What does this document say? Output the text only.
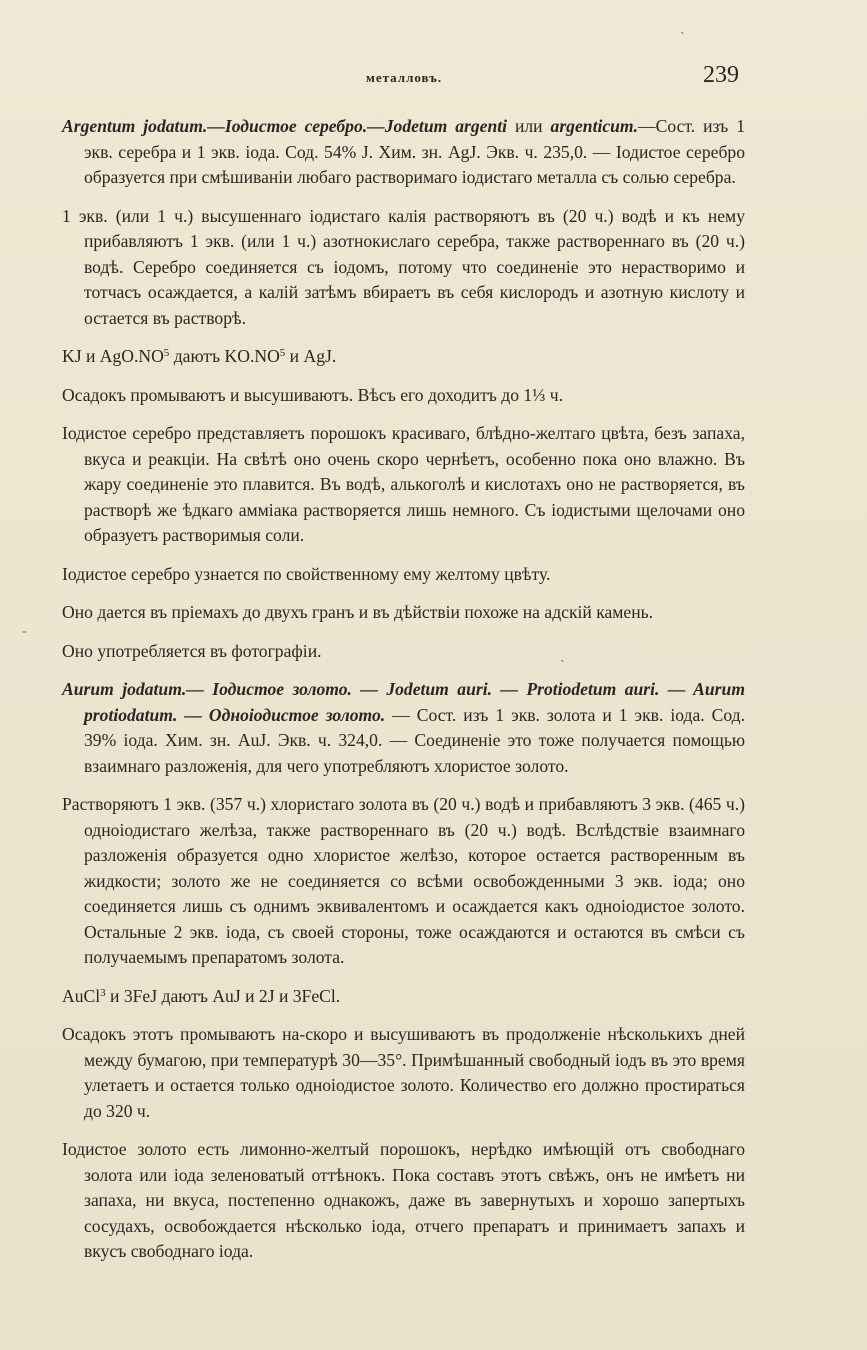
металловъ.	239

Argentum jodatum.—Іодистое серебро.—Jodetum argenti или argenticum.—Сост. изъ 1 экв. серебра и 1 экв. іода. Сод. 54% J. Хим. зн. AgJ. Экв. ч. 235,0. — Іодистое серебро образуется при смѣшиваніи любаго растворимаго іодистаго металла съ солью серебра.

1 экв. (или 1 ч.) высушеннаго іодистаго калія растворяютъ въ (20 ч.) водѣ и къ нему прибавляютъ 1 экв. (или 1 ч.) азотнокислаго серебра, также раствореннаго въ (20 ч.) водѣ. Серебро соединяется съ іодомъ, потому что соединеніе это нерастворимо и тотчасъ осаждается, а калій затѣмъ вбираетъ въ себя кислородъ и азотную кислоту и остается въ растворѣ.

KJ и $AgO.NO^5$ даютъ $KO.NO^5$ и AgJ.

Осадокъ промываютъ и высушиваютъ. Вѣсъ его доходитъ до 1⅓ ч.

Іодистое серебро представляетъ порошокъ красиваго, блѣдно-желтаго цвѣта, безъ запаха, вкуса и реакціи. На свѣтѣ оно очень скоро чернѣетъ, особенно пока оно влажно. Въ жару соединеніе это плавится. Въ водѣ, алькоголѣ и кислотахъ оно не растворяется, въ растворѣ же ѣдкаго амміака растворяется лишь немного. Съ іодистыми щелочами оно образуетъ растворимыя соли.

Іодистое серебро узнается по свойственному ему желтому цвѣту.

Оно дается въ пріемахъ до двухъ гранъ и въ дѣйствіи похоже на адскій камень.

Оно употребляется въ фотографіи.

Aurum jodatum.— Іодистое золото. — Jodetum auri. — Protiodetum auri. — Aurum protiodatum. — Одноіодистое золото. — Сост. изъ 1 экв. золота и 1 экв. іода. Сод. 39% іода. Хим. зн. AuJ. Экв. ч. 324,0. — Соединеніе это тоже получается помощью взаимнаго разложенія, для чего употребляютъ хлористое золото.

Растворяютъ 1 экв. (357 ч.) хлористаго золота въ (20 ч.) водѣ и прибавляютъ 3 экв. (465 ч.) одноіодистаго желѣза, также раствореннаго въ (20 ч.) водѣ. Вслѣдствіе взаимнаго разложенія образуется одно хлористое желѣзо, которое остается растворенным въ жидкости; золото же не соединяется со всѣми освобожденными 3 экв. іода; оно соединяется лишь съ однимъ эквивалентомъ и осаждается какъ одноіодистое золото. Остальные 2 экв. іода, съ своей стороны, тоже осаждаются и остаются въ смѣси съ получаемымъ препаратомъ золота.

AuCl$^3$ и 3FeJ даютъ AuJ и 2J и 3FeCl.

Осадокъ этотъ промываютъ на-скоро и высушиваютъ въ продолженіе нѣсколькихъ дней между бумагою, при температурѣ 30—35°. Примѣшанный свободный іодъ въ это время улетаетъ и остается только одноіодистое золото. Количество его должно простираться до 320 ч.

Іодистое золото есть лимонно-желтый порошокъ, нерѣдко имѣющій отъ свободнаго золота или іода зеленоватый оттѣнокъ. Пока составъ этотъ свѣжъ, онъ не имѣетъ ни запаха, ни вкуса, постепенно однакожъ, даже въ завернутыхъ и хорошо запертыхъ сосудахъ, освобождается нѣсколько іода, отчего препаратъ и принимаетъ запахъ и вкусъ свободнаго іода.

ˎ
-
ˎ
